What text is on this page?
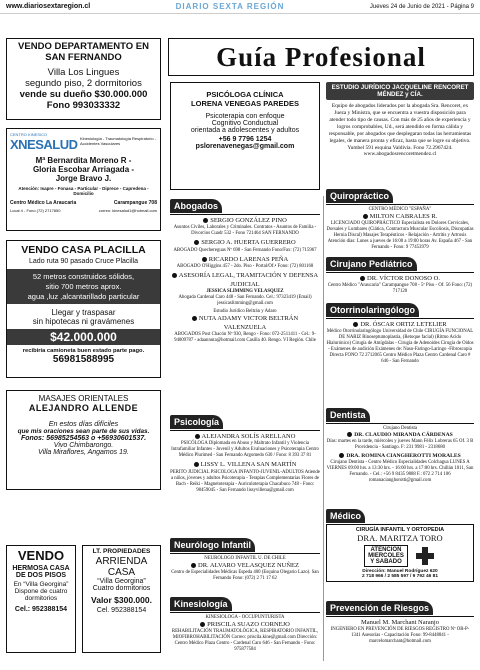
www.diariosextaregion.cl	DIARIO SEXTA REGIÓN	Jueves 24 de Junio de 2021 - Página 9
VENDO DEPARTAMENTO EN SAN FERNANDO
Villa Los Lingues
segundo piso, 2 dormitorios
vende su dueño $30.000.000
Fono 993033332
CENTRO KINESICO
XNESALUD Kinesiología - Traumatología Respiratorio - Accidentes Vasculares
Mª Bernardita Moreno R -
Gloria Escobar Arriagada -
Jorge Bravo J.
Atención: Isapre - Fonasa - Particular - Diprece - Capredena - Domicilio
Centro Médico La Araucaria	Carampangue 708
Local 4 - Fono (72) 2717850	correo: kinesalud1@hotmail.com
VENDO CASA PLACILLA
Lado ruta 90 pasado Cruce Placilla
52 metros construidos sólidos,
sitio 700 metros aprox.
agua ,luz ,alcantarillado particular
Llegar y traspasar
sin hipotecas ni gravámenes
$42.000.000
recibiría camioneta buen estado parte pago.
56981588995
MASAJES ORIENTALES
ALEJANDRO ALLENDE
En estos días difíciles
que mis oraciones sean parte de sus vidas.
Fonos: 56985254563 o +56930601537.
Vivo Chimbarongo.
Villa Miraflores, Angamos 19.
VENDO
HERMOSA CASA
DE DOS PISOS
En “Villa Georgina”
Dispone de cuatro
dormitorios
Cel.: 952388154
LT. PROPIEDADES
ARRIENDA
CASA
“Villa Georgina”
Cuatro dormitorios
Valor $300.000.
Cel. 952388154
Guía Profesional
PSICÓLOGA CLÍNICA
LORENA VENEGAS PAREDES
Psicoterapia con enfoque
Cognitivo Conductual
orientada a adolescentes y adultos
+56 9 7796 1254
pslorenavenegas@gmail.com
Abogados
SERGIO GONZÁLEZ PINO
Asuntos Civiles, Laborales y Criminales. Contratos - Asuntos de Familia - Divorcios Cuadr 532 - Fono 721464 SAN FERNANDO
SERGIO A. HUERTA GUERRERO
ABOGADO Quechereguas Nº 698 - San Fernando Fono/Fax: (72) 715967
RICARDO LARENAS PEÑA
ABOGADO O'Higgins 457 - 2do. Piso - Portal/Of.• Fono: (72) 801168
ASESORÍA LEGAL, TRAMITACIÓN Y DEFENSA JUDICIAL
JESSICA SLIMMING VELASQUEZ
Abogada Cardenal Caro 448 - San Fernando. Cel.: 97323419 (Email) jessicaslimming@gmail.com
Estudio Jurídico Beltrán y Adaro
NUTA ADAMY VICTOR BELTRÁN VALENZUELA
ABOGADOS Post Chacón Nº 930, Rengo - Fono: 072-2511411 - Cel.: 9-94009787 - adaannuta@hotmail.com Casilla 40. Rengo. VI Región. Chile
Psicología
ALEJANDRA SOLÍS ARELLANO
PSICÓLOGA Diplomada en Abuso y Maltrato Infantil y Violencia Intrafamiliar Infantes - Juvenil y Adultos Evaluaciones y Psicoterapia Centro Médico Plurimed - San Fernando Argomedo 630 / Fono: 8 393 37 81
LISSY L. VILLENA SAN MARTÍN
PERITO JUDICIAL PSICOLOGA INFANTO-JUVENIL-ADULTOS Atiende a niños, jóvenes y adultos Psicoterapia - Terapias Complementarias Flores de Bach - Reiki - Magnetoterapia - Auriculoterapia Chacabuco 748 - Fono: 98459045 - San Fernando lissyvillena@gmail.com
Neurólogo Infantil
NEUROLOGO INFANTIL U. DE CHILE
DR. ALVARO VELASQUEZ NUÑEZ
Centro de Especialidades Médicas Espeda 400 (Esquina Olegario Lazo). San Fernando Fono: (072) 2 71 17 62
Kinesiología
KINESIOLOGA - OCCUPUNTURISTA
PRISCILA SUAZO CORNEJO
REHABILITACIÓN TRAUMATOLÓGICA, RESPIRATORIO INFANTIL, MIOFIBROHABILITACIÓN Correo: priscila.kine@gmail.com Dirección: Centro Médico Plaza Centro - Cardenal Caro 646 - San Fernando - Fono: 975877584
ESTUDIO JURÍDICO JACQUELINE RENCORET MÉNDEZ y CÍA.
Equipo de abogados liderados por la abogada Sra. Rencoret, ex Jueza y Ministra, que se encuentra a vuestra disposición para atender todo tipo de causas. Con más de 25 años de experiencia y logros comprobables, Ud., será atendido en forma cálida y responsable, por abogados que desplegaran todas las herramientas legales, de manera pronta y eficaz, hasta que se logre su objetivo.
Yumbel 591 esquina Valdivia. Fono 72.2967424.
www.abogadosrencoretmendez.cl
Quiropráctico
CENTRO MÉDICO "ESPAÑA"
MILTON CABRALES R.
LICENCIADO QUIROPRÁCTICO Especialista en Dolores Cervicales, Dorsales y Lumbares (Ciática, Contractura Muscular Escoliosis, Discopatías Hernia Discal) Masajes Terapéuticos - Relajación - Artritis y Artrosis Atención días: Lunes a jueves de 16:00 a 19:00 horas Av. España 467 - San Fernando - Fono: 9 77453979
Cirujano Pediátrico
DR. VÍCTOR DONOSO O.
Centro Médico "Araucaria" Carampangue 708 - 5º Piso - Of. 56 Fono: (72) 717120
Otorrinolaringólogo
DR. ÓSCAR ORTIZ LETELIER
Médico Otorrinolaringólogo Universidad de Chile CIRUGÍA FUNCIONAL DE NARIZ Rinoseptumoplastía, (Retoque facial) (Ritmo Acido Hialurónico) Cirugía de Amígdalas - Cirugía de Adenoides Cirugía de Oídos - Exámenes de audición Exámenes de: Naso-Faringo-Laringo -Fibroscopia Directa FONO 72 2712065 Centro Médico Plaza Centro Cardenal Caro # 646 - San Fernando
Dentista
Cirujano Dentista
DR. CLAUDIO MIRANDA CÁRDENAS
Días: martes en la tarde, miércoles y jueves Mann Félix Lobreras 65 Of. 3 B Providencia - Santiago. F: 231 9981 - 2318680
DRA. ROMINA CIANGHEROTTI MORALES
Cirujano Dentista - Centro Médico Especialidades Colchagua LUNES A VIERNES 09:00 hrs. a 13:30 hrs. - 16:00 hrs. a 17:00 hrs. Chillán 1011, San Fernando. - Cel.: +56 9 8435 9888 F.: 072 2 714 106 romanacianghorotti@gmail.com
Médico
CIRUGÍA INFANTIL Y ORTOPEDIA
DRA. MARITZA TORO
ATENCIÓN
MIERCOLES
Y SABADO
Dirección: Manuel Rodríguez 620
2 718 966 / 2 585 597 / 9 792 46 81
Prevención de Riesgos
Manuel M. Marchant Naranjo
INGENIERO EN PREVENCIÓN DE RIESGOS REGISTRO Nº OR-P-1341 Asesorías - Capacitación Fono: 99-8448841 - marcelomarchant@hotmail.com
